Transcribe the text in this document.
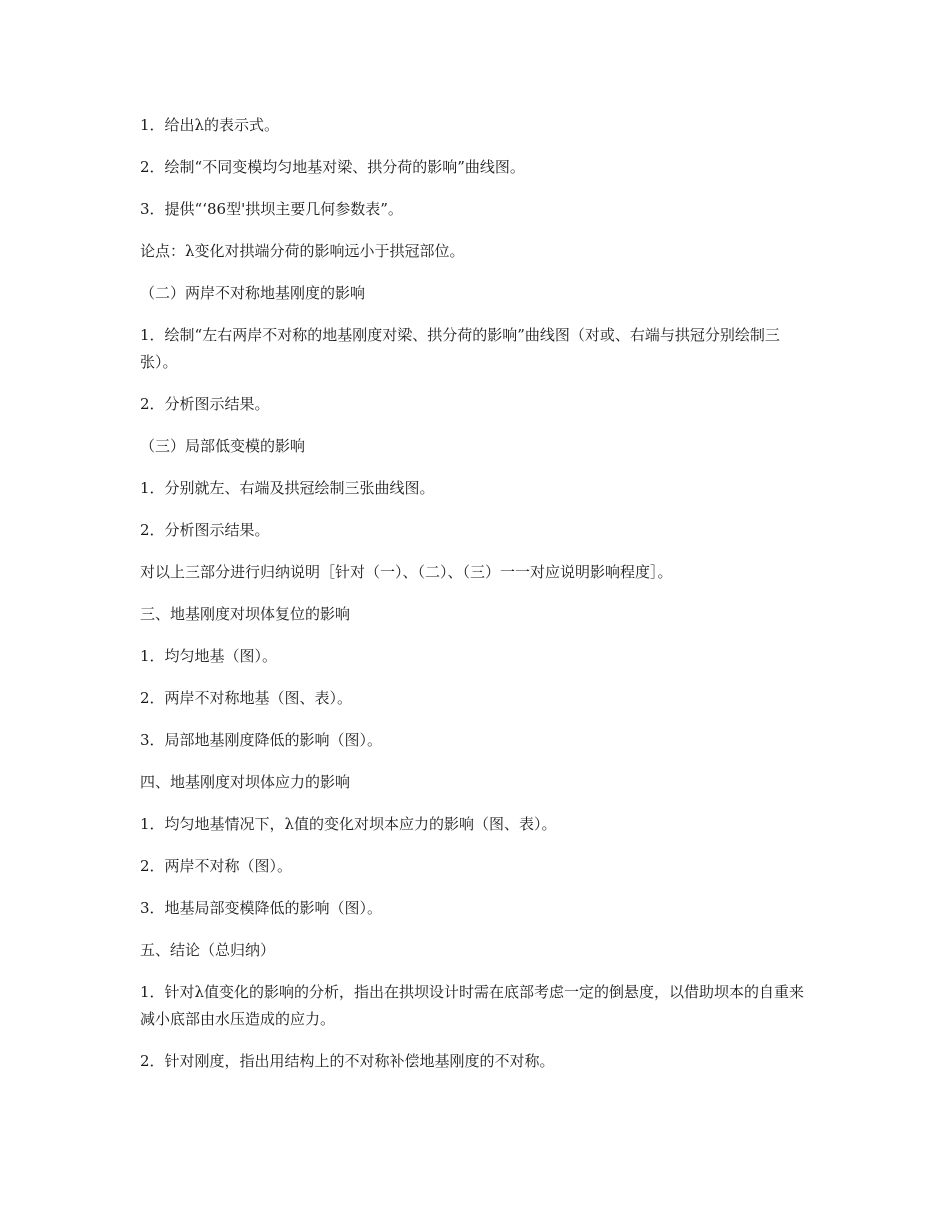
1．给出λ的表示式。

2．绘制“不同变模均匀地基对梁、拱分荷的影响”曲线图。

3．提供“‘86型'拱坝主要几何参数表”。

论点：λ变化对拱端分荷的影响远小于拱冠部位。

（二）两岸不对称地基刚度的影响

1．绘制“左右两岸不对称的地基刚度对梁、拱分荷的影响”曲线图（对或、右端与拱冠分别绘制三张）。

2．分析图示结果。

（三）局部低变模的影响

1．分别就左、右端及拱冠绘制三张曲线图。

2．分析图示结果。

对以上三部分进行归纳说明［针对（一）、（二）、（三）一一对应说明影响程度］。

三、地基刚度对坝体复位的影响

1．均匀地基（图）。

2．两岸不对称地基（图、表）。

3．局部地基刚度降低的影响（图）。

四、地基刚度对坝体应力的影响

1．均匀地基情况下，λ值的变化对坝本应力的影响（图、表）。

2．两岸不对称（图）。

3．地基局部变模降低的影响（图）。

五、结论（总归纳）

1．针对λ值变化的影响的分析，指出在拱坝设计时需在底部考虑一定的倒悬度，以借助坝本的自重来减小底部由水压造成的应力。

2．针对刚度，指出用结构上的不对称补偿地基刚度的不对称。
